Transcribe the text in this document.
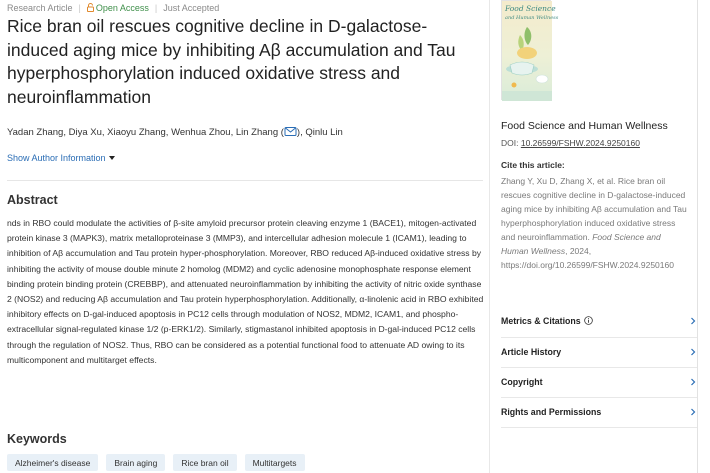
Research Article | Open Access | Just Accepted
Rice bran oil rescues cognitive decline in D-galactose-induced aging mice by inhibiting Aβ accumulation and Tau hyperphosphorylation induced oxidative stress and neuroinflammation
Yadan Zhang, Diya Xu, Xiaoyu Zhang, Wenhua Zhou, Lin Zhang ( ), Qinlu Lin
Show Author Information
Abstract

nds in RBO could modulate the activities of β-site amyloid precursor protein cleaving enzyme 1 (BACE1), mitogen-activated protein kinase 3 (MAPK3), matrix metalloproteinase 3 (MMP3), and intercellular adhesion molecule 1 (ICAM1), leading to inhibition of Aβ accumulation and Tau protein hyper-phosphorylation. Moreover, RBO reduced Aβ-induced oxidative stress by inhibiting the activity of mouse double minute 2 homolog (MDM2) and cyclic adenosine monophosphate response element binding protein binding protein (CREBBP), and attenuated neuroinflammation by inhibiting the activity of nitric oxide synthase 2 (NOS2) and reducing Aβ accumulation and Tau protein hyperphosphorylation. Additionally, α-linolenic acid in RBO exhibited inhibitory effects on D-gal-induced apoptosis in PC12 cells through modulation of NOS2, MDM2, ICAM1, and phospho-extracellular signal-regulated kinase 1/2 (p-ERK1/2). Similarly, stigmastanol inhibited apoptosis in D-gal-induced PC12 cells through the regulation of NOS2. Thus, RBO can be considered as a potential functional food to attenuate AD owing to its multicomponent and multitarget effects.

Keywords
Alzheimer's disease	Brain aging	Rice bran oil	Multitargets
Food Science
and Human Wellness
Food Science and Human Wellness
DOI: 10.26599/FSHW.2024.9250160
Cite this article:
Zhang Y, Xu D, Zhang X, et al. Rice bran oil rescues cognitive decline in D-galactose-induced aging mice by inhibiting Aβ accumulation and Tau hyperphosphorylation induced oxidative stress and neuroinflammation. Food Science and Human Wellness, 2024, https://doi.org/10.26599/FSHW.2024.9250160
Metrics & Citations
Article History
Copyright
Rights and Permissions
